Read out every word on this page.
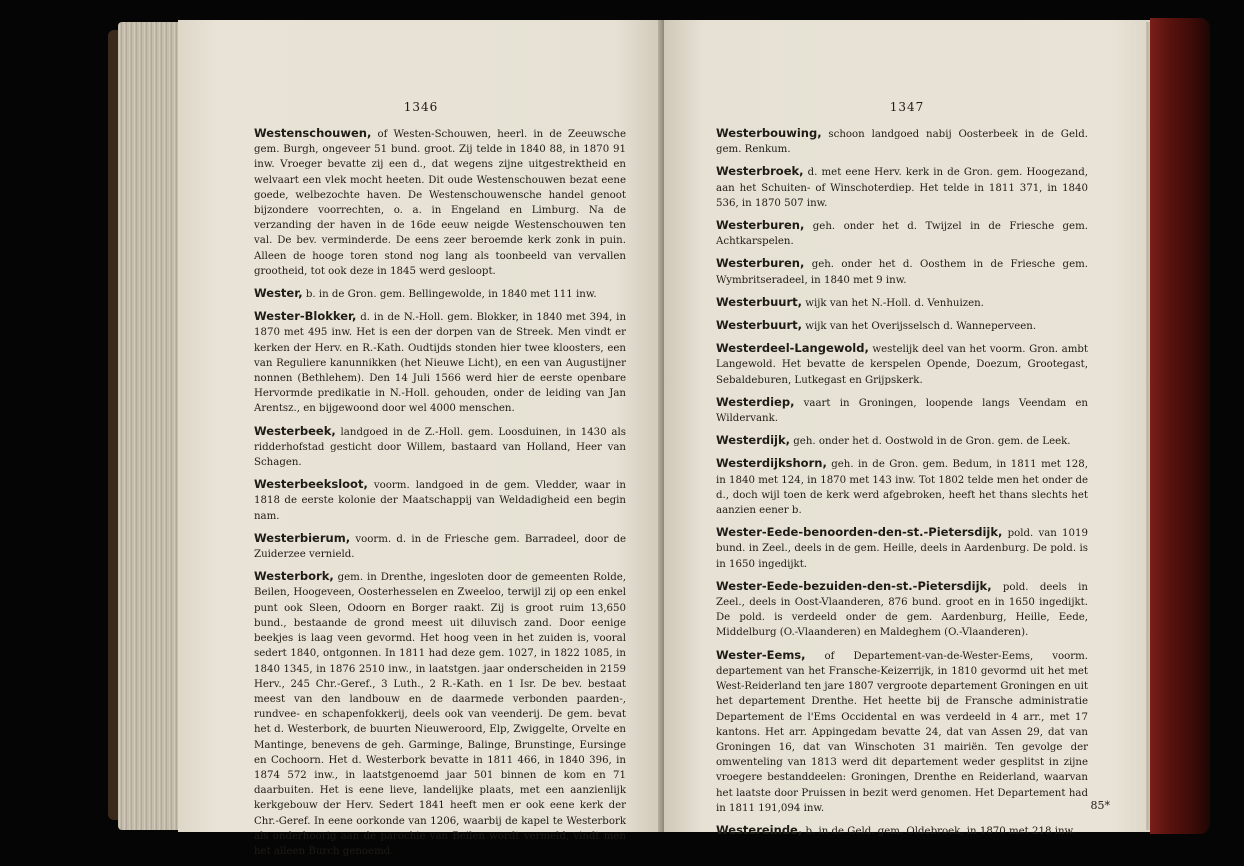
1346

Westenschouwen, of Westen-Schouwen, heerl. in de Zeeuwsche gem. Burgh, ongeveer 51 bund. groot. Zij telde in 1840 88, in 1870 91 inw. Vroeger bevatte zij een d., dat wegens zijne uitgestrektheid en welvaart een vlek mocht heeten. Dit oude Westenschouwen bezat eene goede, welbezochte haven. De Westenschouwensche handel genoot bijzondere voorrechten, o. a. in Engeland en Limburg. Na de verzanding der haven in de 16de eeuw neigde Westenschouwen ten val. De bev. verminderde. De eens zeer beroemde kerk zonk in puin. Alleen de hooge toren stond nog lang als toonbeeld van vervallen grootheid, tot ook deze in 1845 werd gesloopt.

Wester, b. in de Gron. gem. Bellingewolde, in 1840 met 111 inw.

Wester-Blokker, d. in de N.-Holl. gem. Blokker, in 1840 met 394, in 1870 met 495 inw. Het is een der dorpen van de Streek. Men vindt er kerken der Herv. en R.-Kath. Oudtijds stonden hier twee kloosters, een van Reguliere kanunnikken (het Nieuwe Licht), en een van Augustijner nonnen (Bethlehem). Den 14 Juli 1566 werd hier de eerste openbare Hervormde predikatie in N.-Holl. gehouden, onder de leiding van Jan Arentsz., en bijgewoond door wel 4000 menschen.

Westerbeek, landgoed in de Z.-Holl. gem. Loosduinen, in 1430 als ridderhofstad gesticht door Willem, bastaard van Holland, Heer van Schagen.

Westerbeeksloot, voorm. landgoed in de gem. Vledder, waar in 1818 de eerste kolonie der Maatschappij van Weldadigheid een begin nam.

Westerbierum, voorm. d. in de Friesche gem. Barradeel, door de Zuiderzee vernield.

Westerbork, gem. in Drenthe, ingesloten door de gemeenten Rolde, Beilen, Hoogeveen, Oosterhesselen en Zweeloo, terwijl zij op een enkel punt ook Sleen, Odoorn en Borger raakt. Zij is groot ruim 13,650 bund., bestaande de grond meest uit diluvisch zand. Door eenige beekjes is laag veen gevormd. Het hoog veen in het zuiden is, vooral sedert 1840, ontgonnen. In 1811 had deze gem. 1027, in 1822 1085, in 1840 1345, in 1876 2510 inw., in laatstgen. jaar onderscheiden in 2159 Herv., 245 Chr.-Geref., 3 Luth., 2 R.-Kath. en 1 Isr. De bev. bestaat meest van den landbouw en de daarmede verbonden paarden-, rundvee- en schapenfokkerij, deels ook van veenderij. De gem. bevat het d. Westerbork, de buurten Nieuweroord, Elp, Zwiggelte, Orvelte en Mantinge, benevens de geh. Garminge, Balinge, Brunstinge, Eursinge en Cochoorn. Het d. Westerbork bevatte in 1811 466, in 1840 396, in 1874 572 inw., in laatstgenoemd jaar 501 binnen de kom en 71 daarbuiten. Het is eene lieve, landelijke plaats, met een aanzienlijk kerkgebouw der Herv. Sedert 1841 heeft men er ook eene kerk der Chr.-Geref. In eene oorkonde van 1206, waarbij de kapel te Westerbork als onderhoorig aan de parochie van Beilen wordt vermeld, vindt men het alleen Burch genoemd.

1347

Westerbouwing, schoon landgoed nabij Oosterbeek in de Geld. gem. Renkum.

Westerbroek, d. met eene Herv. kerk in de Gron. gem. Hoogezand, aan het Schuiten- of Winschoterdiep. Het telde in 1811 371, in 1840 536, in 1870 507 inw.

Westerburen, geh. onder het d. Twijzel in de Friesche gem. Achtkarspelen.

Westerburen, geh. onder het d. Oosthem in de Friesche gem. Wymbritseradeel, in 1840 met 9 inw.

Westerbuurt, wijk van het N.-Holl. d. Venhuizen.

Westerbuurt, wijk van het Overijsselsch d. Wanneperveen.

Westerdeel-Langewold, westelijk deel van het voorm. Gron. ambt Langewold. Het bevatte de kerspelen Opende, Doezum, Grootegast, Sebaldeburen, Lutkegast en Grijpskerk.

Westerdiep, vaart in Groningen, loopende langs Veendam en Wildervank.

Westerdijk, geh. onder het d. Oostwold in de Gron. gem. de Leek.

Westerdijkshorn, geh. in de Gron. gem. Bedum, in 1811 met 128, in 1840 met 124, in 1870 met 143 inw. Tot 1802 telde men het onder de d., doch wijl toen de kerk werd afgebroken, heeft het thans slechts het aanzien eener b.

Wester-Eede-benoorden-den-st.-Pietersdijk, pold. van 1019 bund. in Zeel., deels in de gem. Heille, deels in Aardenburg. De pold. is in 1650 ingedijkt.

Wester-Eede-bezuiden-den-st.-Pietersdijk, pold. deels in Zeel., deels in Oost-Vlaanderen, 876 bund. groot en in 1650 ingedijkt. De pold. is verdeeld onder de gem. Aardenburg, Heille, Eede, Middelburg (O.-Vlaanderen) en Maldeghem (O.-Vlaanderen).

Wester-Eems, of Departement-van-de-Wester-Eems, voorm. departement van het Fransche-Keizerrijk, in 1810 gevormd uit het met West-Reiderland ten jare 1807 vergroote departement Groningen en uit het departement Drenthe. Het heette bij de Fransche administratie Departement de l'Ems Occidental en was verdeeld in 4 arr., met 17 kantons. Het arr. Appingedam bevatte 24, dat van Assen 29, dat van Groningen 16, dat van Winschoten 31 mairiën. Ten gevolge der omwenteling van 1813 werd dit departement weder gesplitst in zijne vroegere bestanddeelen: Groningen, Drenthe en Reiderland, waarvan het laatste door Pruissen in bezit werd genomen. Het Departement had in 1811 191,094 inw.

Westereinde, b. in de Geld. gem. Oldebroek, in 1870 met 218 inw.

85*
